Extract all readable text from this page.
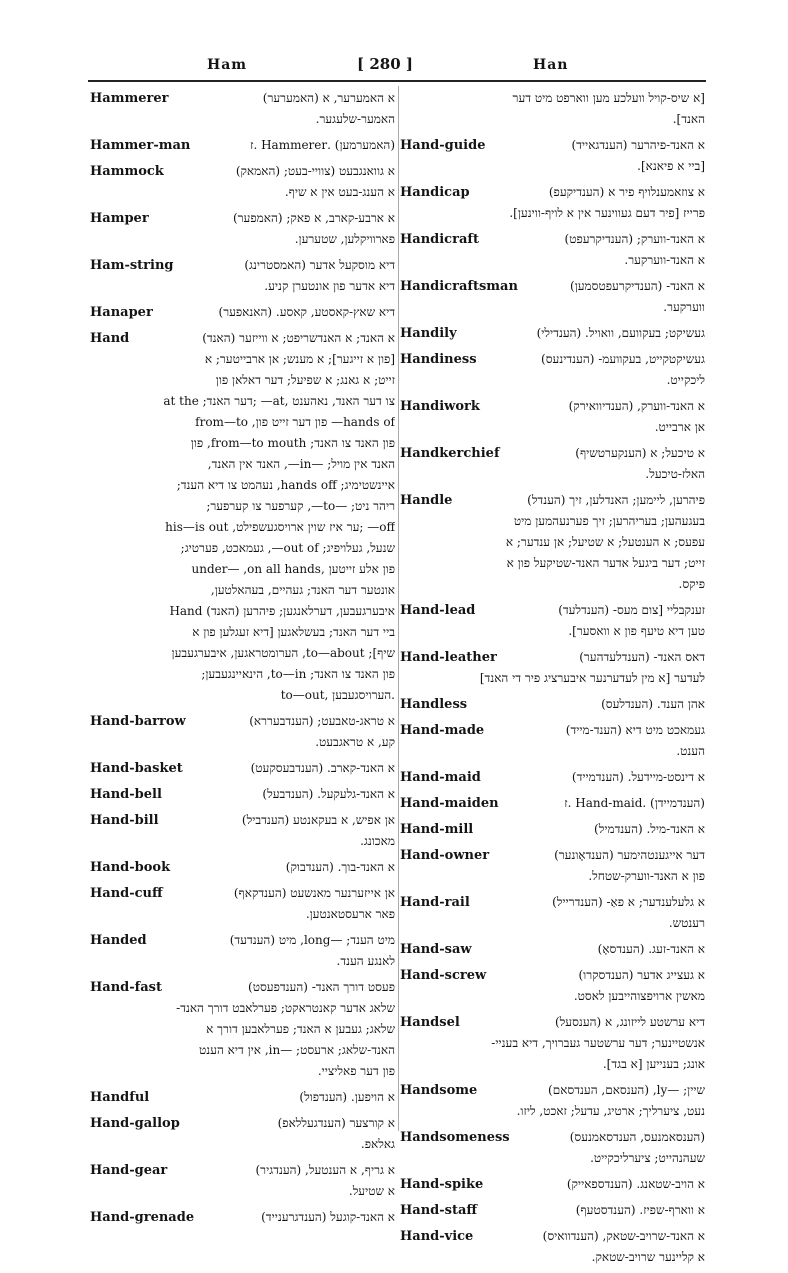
Ham	[ 280 ]	Han
Hammerer	א האמערער, א (האמערער)
האמער-שלעגער.
Hammer-man	(האמערמען) .Hammerer .ז
Hammock	א גוואנגבעט (צוויי-בעט; (האמאק)
א הענג-בעט אין א שיף.
Hamper	א ארבע-קארב, א פאק; (האמפער)
פארוויקלען, שטערען.
Ham-string	דיא מוסקעל אדער (האמסטרינג)
דיא אדער פון אונטערן קניע.
Hanaper	דיא שאץ-קאסטע, קאסע. (האנאפער)
Hand	א האנד; א האנדשריפט; א ווייזער (האנד)
[פון א זייגער]; א מענש; אן ארבייטער; א
זייט; א גאנג; א שפיעל; דער דאלאן פון
at the ;דער האנד; —at, צו דער האנד, נאהענט
from—to ,פון דער זייט פון —hands of
פון האנד צו האנד; from—to mouth, פון
האנד אין מויל; —in—, האנד אין האנד,
איינשטימיג; hands off, נעהמט צו דיא הענד;
ריהר ניט; —to—, קערפער צו קערפער;
his—is out ,ער איז שוין ארויסגעשפילט; —off
שנעל, געלויפיג; out of—, געמאכט, פערטיג;
under— ,on all hands, פון אלע זייטען
אונטער דער האנד; געהיים, בעהאלטען,
איבערגעבען, דערלאנגען; פיהרען (האנד) Hand
ביי דער האנד; בעשלאגען [דיא זעגלען פון א
שיף]; to—about, הערומטראגען, איבערגעבען
פון האנד צו האנד; to—in, הינאיינגעבען;
to—out, הערויסגעבען.
Hand-barrow	א טראג-טאבעט; (הענדבעררא)
קע, א טראגבעט.
Hand-basket	א האנד-קארב. (הענדבעסקעט)
Hand-bell	א האנד-גלעקעל. (הענדבעל)
Hand-bill	אן אפיש, א בעקאנטע (הענדביל)
מאכונג.
Hand-book	א האנד-בוך. (הענדבוק)
Hand-cuff	אן אייזערנער מאנשעט (הענדקאף)
פאר ארעסטאנטען.
Handed	מיט הענד; —long, מיט (הענדעד)
לאנגע הענד.
Hand-fast	פעסט דורך האנד- (הענדפעסט)
שלאג אדער קאנטראקט; פערלאבט דורך האנד-
שלאג; געבען א האנד; פערלאבען דורך א
האנד-שלאג; ארעסט; —in, אין דיא הענט
פון דער פאליציי.
Handful	א הויפען. (הענדפול)
Hand-gallop	א קורצער (הענדגעללאפ)
גאלאפ.
Hand-gear	א גריף, א הענטעל, (הענדגיר)
א שטיעל.
Hand-grenade	א האנד-קוגעל (הענדגרענייד)
[א שיס-קויל וועלכע מען ווארפט מיט דער
האנד].
Hand-guide	א האנד-פיהרער (הענדגאייד)
[ביי א פיאנא].
Handicap	א צוזאמענלויף פיר א (הענדיקעפ)
פרייז [פיר דעם געווינער אין א לויף-ווינען].
Handicraft	א האנד-ווערק; (הענדיקרעפט)
א האנד-ווערקער.
Handicraftsman	א האנד- (הענדיקרעפטסמען)
ווערקער.
Handily	געשיקט; בעקוועם, וואויל. (הענדילי)
Handiness	געשיקטקייט, בעקוועמ- (הענדינעס)
ליכקייט.
Handiwork	א האנד-ווערק, (הענדיוואירק)
אן ארבייט.
Handkerchief	א טיכעל; א (הענקערטשיף)
האלז-טיכעל.
Handle	פיהרען, ליימען; האנדלען, זיך (הענדל)
בעגעהען; בעריהרען; זיך פערנעהמען מיט
עפעס; א הענטעל; א שטיעל; אן ענדער; א
זייט; דער ביגעל אדער האנד-שטיקעל פון א
פיקס.
Hand-lead	זענקבליי [צום מעס- (הענדלעד)
טען דיא טיעף פון א וואסער].
Hand-leather	דאס האנד- (הענדלעדהער)
לעדער [א מין לעדערנער איבערציג פיר די האנד]
Handless	אהן הענד. (הענדלעס)
Hand-made	געמאכט מיט דיא (הענד-מייד)
הענט.
Hand-maid	א דינסט-מיידעל. (הענדמייד)
Hand-maiden	(הענדמיידן) .Hand-maid .ז
Hand-mill	א האנד-מיל. (הענדמיל)
Hand-owner	דער אייגענטהימער (הענדאָונער)
פון א האנד-ווערק-שטחל.
Hand-rail	א גלעלענדער; א פאַ- (הענדרייל)
רענטש.
Hand-saw	א האנד-זעג. (הענדסאָ)
Hand-screw	א געצייג אדער (הענדסקרו)
מאשין ארויפצוהייבען לאסט.
Handsel	דיא ערשטע לייזונג, א (הענסעל)
אנשטיינער; דער ערשטער געברויך, דיא בעניי-
אונג; בענייען [א בגד].
Handsome	שיין; —ly, (הענסאם, הענדסאם)
נעט, ציערליך; ארטיג, עדעל; זאכט, ליזו.
Handsomeness	(הענסאמנעס, הענדסאמנעס)
שעהנהייט; ציערליכקייט.
Hand-spike	א הויב-שטאנג. (הענדספאייק)
Hand-staff	א ווארף-שפיז. (הענדסטעף)
Hand-vice	א האנד-שרויב-שטאק, (הענדוואיס)
א קליינער שרויב-שטאק.
